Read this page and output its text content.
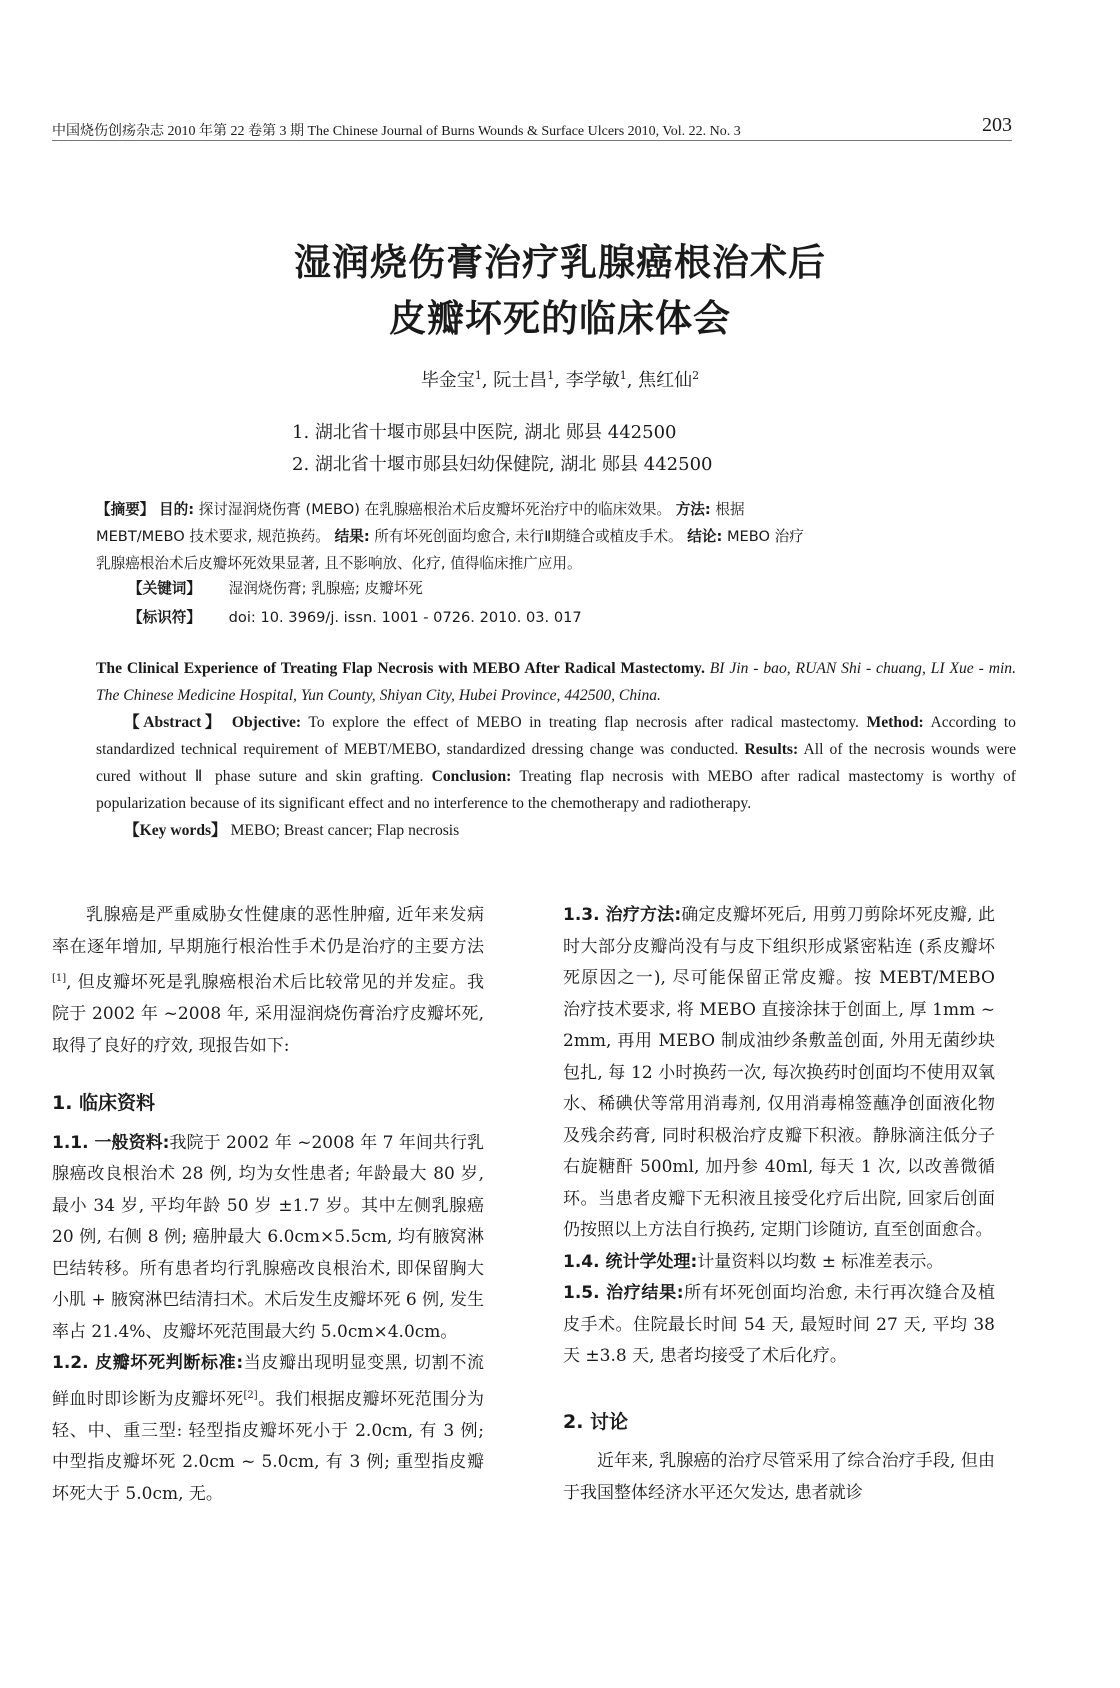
中国烧伤创疡杂志 2010 年第 22 卷第 3 期 The Chinese Journal of Burns Wounds & Surface Ulcers 2010, Vol. 22. No. 3	203
湿润烧伤膏治疗乳腺癌根治术后
皮瓣坏死的临床体会
毕金宝$^1$, 阮士昌$^1$, 李学敏$^1$, 焦红仙$^2$
1. 湖北省十堰市郧县中医院, 湖北 郧县 442500
2. 湖北省十堰市郧县妇幼保健院, 湖北 郧县 442500
【摘要】 目的: 探讨湿润烧伤膏 (MEBO) 在乳腺癌根治术后皮瓣坏死治疗中的临床效果。 方法: 根据
MEBT/MEBO 技术要求, 规范换药。 结果: 所有坏死创面均愈合, 未行Ⅱ期缝合或植皮手术。 结论: MEBO 治疗
乳腺癌根治术后皮瓣坏死效果显著, 且不影响放、化疗, 值得临床推广应用。
【关键词】 湿润烧伤膏; 乳腺癌; 皮瓣坏死
【标识符】 doi: 10. 3969/j. issn. 1001 - 0726. 2010. 03. 017
The Clinical Experience of Treating Flap Necrosis with MEBO After Radical Mastectomy. BI Jin - bao, RUAN Shi - chuang, LI Xue - min. The Chinese Medicine Hospital, Yun County, Shiyan City, Hubei Province, 442500, China.
【Abstract】 Objective: To explore the effect of MEBO in treating flap necrosis after radical mastectomy. Method: According to standardized technical requirement of MEBT/MEBO, standardized dressing change was conducted. Results: All of the necrosis wounds were cured without Ⅱ phase suture and skin grafting. Conclusion: Treating flap necrosis with MEBO after radical mastectomy is worthy of popularization because of its significant effect and no interference to the chemotherapy and radiotherapy.
【Key words】 MEBO; Breast cancer; Flap necrosis

乳腺癌是严重威胁女性健康的恶性肿瘤, 近年来发病率在逐年增加, 早期施行根治性手术仍是治疗的主要方法[1], 但皮瓣坏死是乳腺癌根治术后比较常见的并发症。我院于 2002 年 ~2008 年, 采用湿润烧伤膏治疗皮瓣坏死, 取得了良好的疗效, 现报告如下:

1. 临床资料

1.1. 一般资料:我院于 2002 年 ~2008 年 7 年间共行乳腺癌改良根治术 28 例, 均为女性患者; 年龄最大 80 岁, 最小 34 岁, 平均年龄 50 岁 ±1.7 岁。其中左侧乳腺癌 20 例, 右侧 8 例; 癌肿最大 6.0cm×5.5cm, 均有腋窝淋巴结转移。所有患者均行乳腺癌改良根治术, 即保留胸大小肌 + 腋窝淋巴结清扫术。术后发生皮瓣坏死 6 例, 发生率占 21.4%、皮瓣坏死范围最大约 5.0cm×4.0cm。

1.2. 皮瓣坏死判断标准:当皮瓣出现明显变黑, 切割不流鲜血时即诊断为皮瓣坏死[2]。我们根据皮瓣坏死范围分为轻、中、重三型: 轻型指皮瓣坏死小于 2.0cm, 有 3 例; 中型指皮瓣坏死 2.0cm ~ 5.0cm, 有 3 例; 重型指皮瓣坏死大于 5.0cm, 无。

1.3. 治疗方法:确定皮瓣坏死后, 用剪刀剪除坏死皮瓣, 此时大部分皮瓣尚没有与皮下组织形成紧密粘连 (系皮瓣坏死原因之一), 尽可能保留正常皮瓣。按 MEBT/MEBO 治疗技术要求, 将 MEBO 直接涂抹于创面上, 厚 1mm ~ 2mm, 再用 MEBO 制成油纱条敷盖创面, 外用无菌纱块包扎, 每 12 小时换药一次, 每次换药时创面均不使用双氧水、稀碘伏等常用消毒剂, 仅用消毒棉签蘸净创面液化物及残余药膏, 同时积极治疗皮瓣下积液。静脉滴注低分子右旋糖酐 500ml, 加丹参 40ml, 每天 1 次, 以改善微循环。当患者皮瓣下无积液且接受化疗后出院, 回家后创面仍按照以上方法自行换药, 定期门诊随访, 直至创面愈合。

1.4. 统计学处理:计量资料以均数 ± 标准差表示。

1.5. 治疗结果:所有坏死创面均治愈, 未行再次缝合及植皮手术。住院最长时间 54 天, 最短时间 27 天, 平均 38 天 ±3.8 天, 患者均接受了术后化疗。

2. 讨论

近年来, 乳腺癌的治疗尽管采用了综合治疗手段, 但由于我国整体经济水平还欠发达, 患者就诊
